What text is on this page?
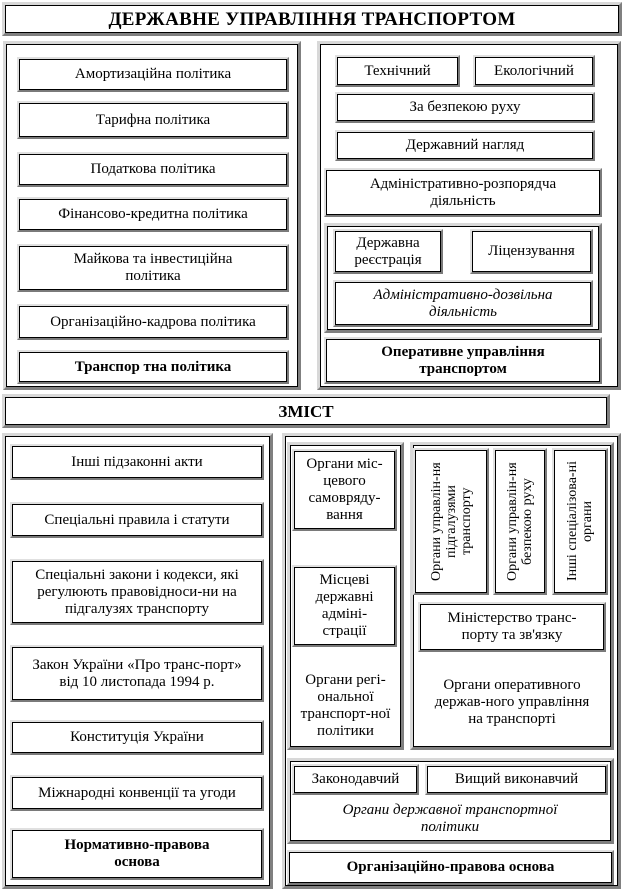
ДЕРЖАВНЕ УПРАВЛІННЯ ТРАНСПОРТОМ
Амортизаційна політика
Тарифна політика
Податкова політика
Фінансово-кредитна політика
Майкова та інвестиційна політика
Організаційно-кадрова політика
Транспор тна політика
Технічний	Екологічний
За безпекою руху
Державний нагляд
Адміністративно-розпорядча діяльність
Державна реєстрація
Ліцензування
Адміністративно-дозвільна діяльність
Оперативне управління транспортом
ЗМІСТ
Інші підзаконні акти
Спеціальні правила і статути
Спеціальні закони і кодекси, які регулюють правовідноси-ни на підгалузях транспорту
Закон України «Про транс-порт» від 10 листопада 1994 р.
Конституція України
Міжнародні конвенції та угоди
Нормативно-правова основа
Органи міс-цевого самовряду-вання
Місцеві державні адміні-страції
Органи регі-ональної транспорт-ної політики
Органи управлін-ня підгалузями транспорту Органи управлін-ня безпекою руху Інші спеціалізова-ні органи
Міністерство транс-порту та зв'язку
Органи оперативного держав-ного управління на транспорті
Законодавчий	Вищий виконавчий
Органи державної транспортної політики
Організаційно-правова основа
